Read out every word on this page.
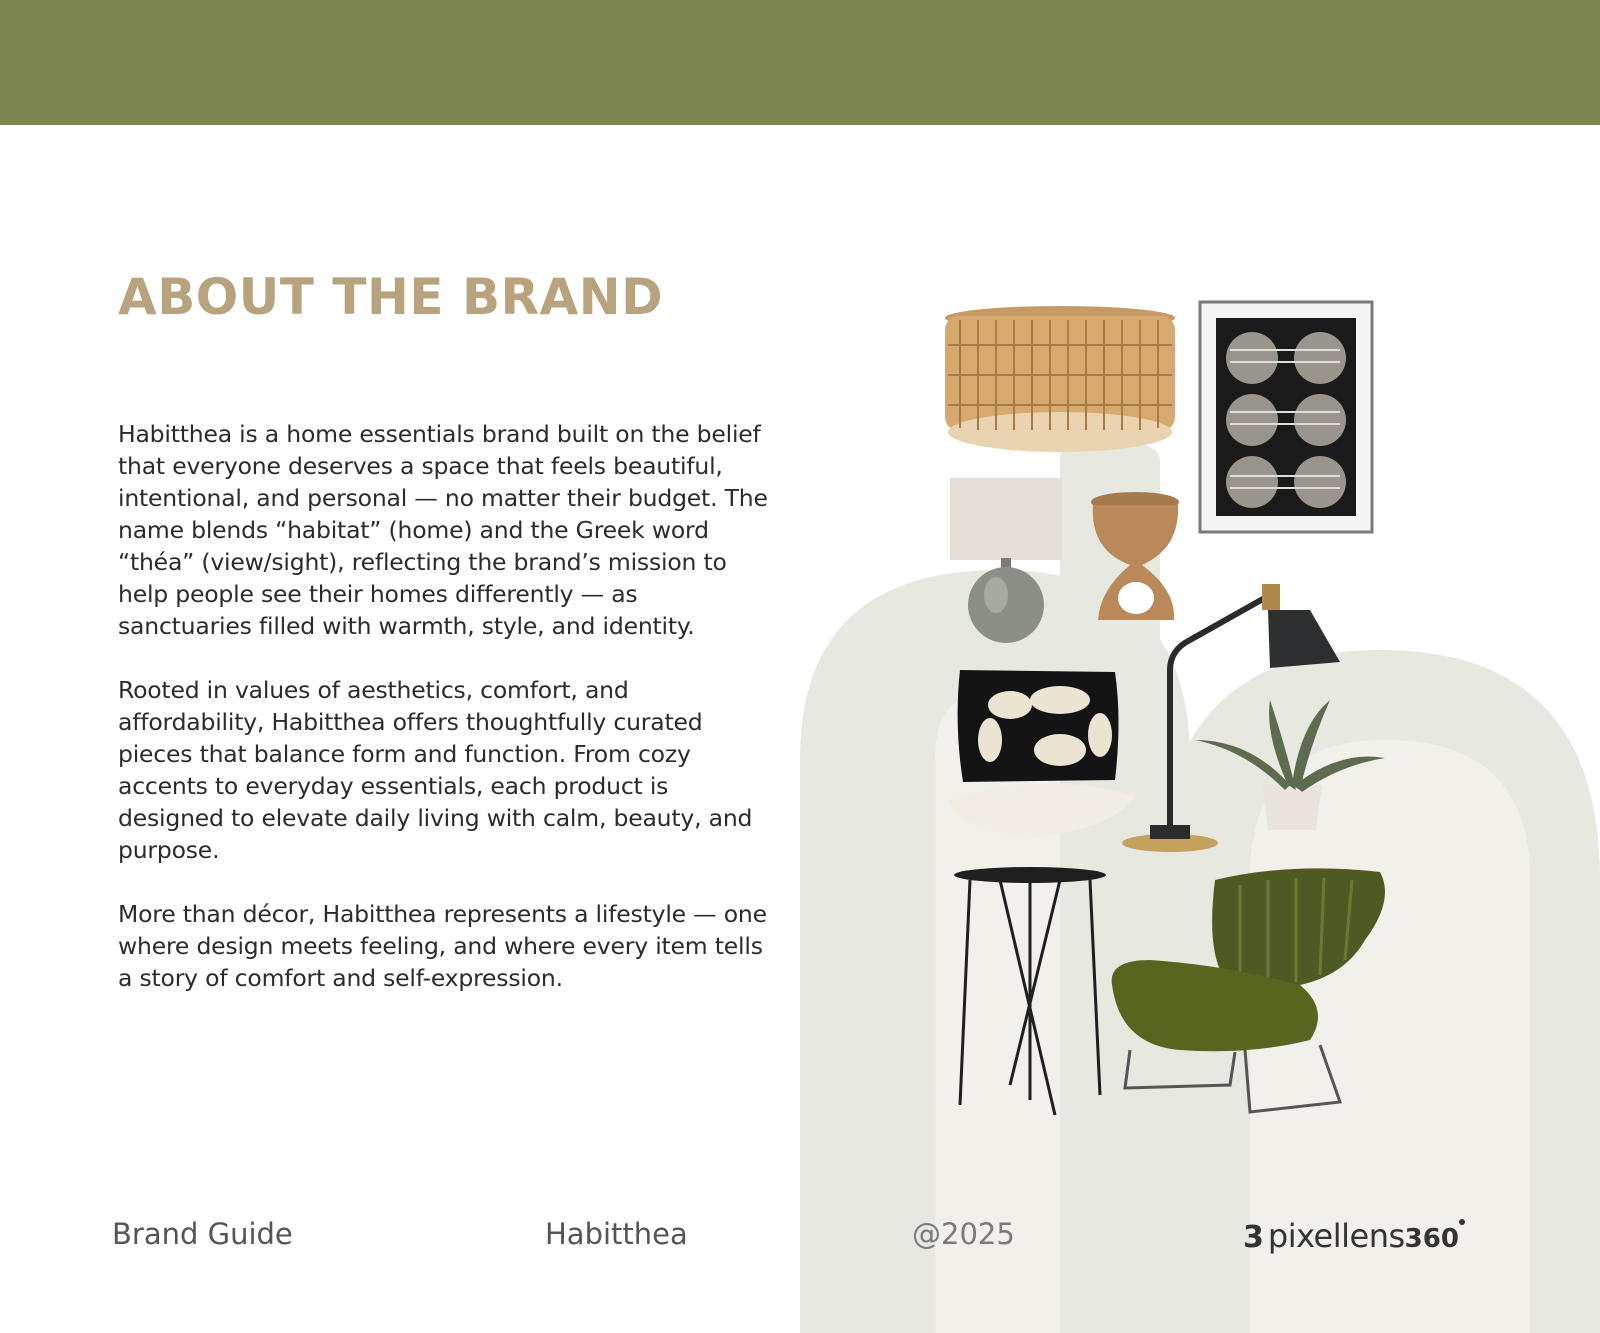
ABOUT THE BRAND

Habitthea is a home essentials brand built on the belief that everyone deserves a space that feels beautiful, intentional, and personal — no matter their budget. The name blends “habitat” (home) and the Greek word “théa” (view/sight), reflecting the brand’s mission to help people see their homes differently — as sanctuaries filled with warmth, style, and identity.

Rooted in values of aesthetics, comfort, and affordability, Habitthea offers thoughtfully curated pieces that balance form and function. From cozy accents to everyday essentials, each product is designed to elevate daily living with calm, beauty, and purpose.

More than décor, Habitthea represents a lifestyle — one where design meets feeling, and where every item tells a story of comfort and self-expression.

Brand Guide	Habitthea	@2025	3 pixellens 360
